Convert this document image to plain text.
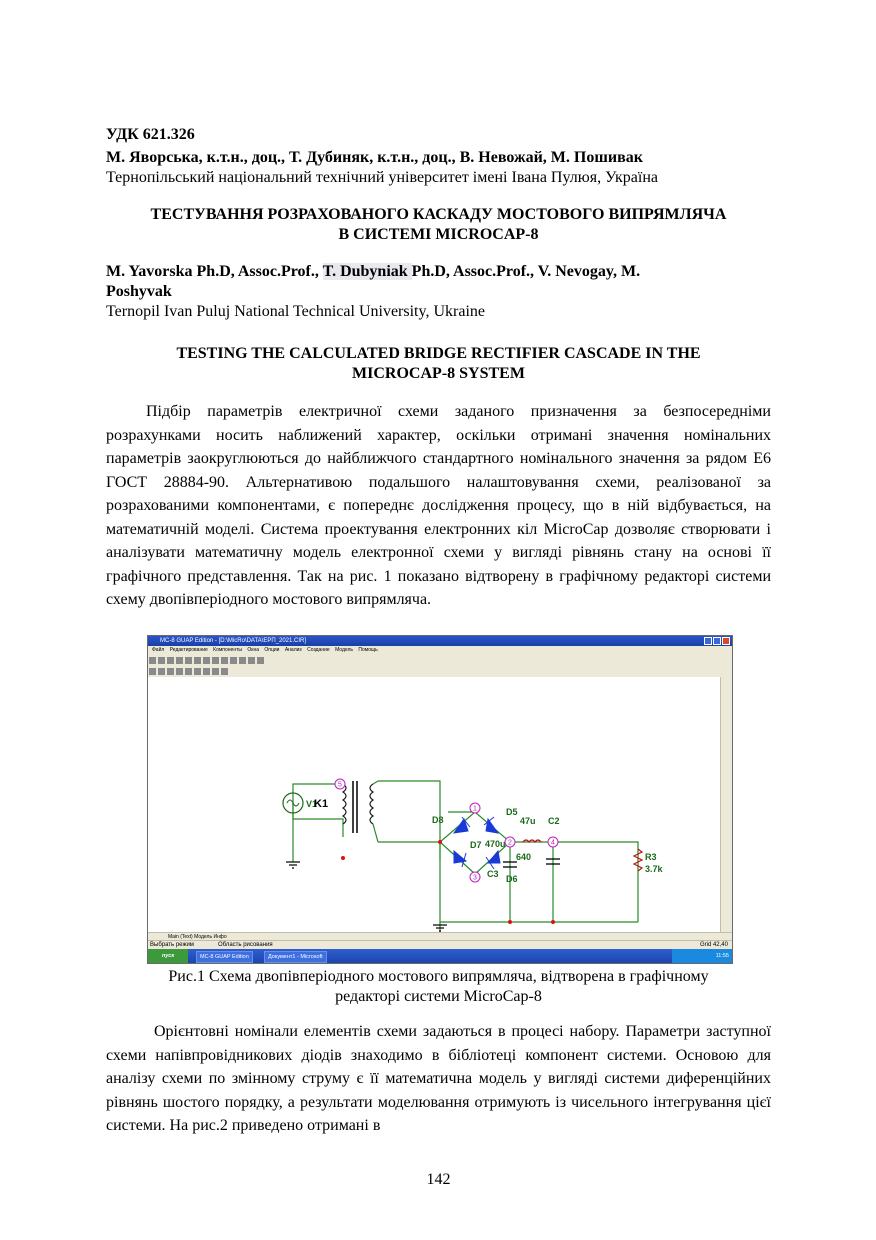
УДК 621.326
М. Яворська, к.т.н., доц., Т. Дубиняк, к.т.н., доц., В. Невожай, М. Пошивак
Тернопільський національний технічний університет імені Івана Пулюя, Україна
ТЕСТУВАННЯ РОЗРАХОВАНОГО КАСКАДУ МОСТОВОГО ВИПРЯМЛЯЧА
В СИСТЕМІ MICROCAP-8
M. Yavorska Ph.D, Assoc.Prof., T. Dubyniak Ph.D, Assoc.Prof., V. Nevogay, M.
Poshyvak
Ternopil Ivan Puluj National Technical University, Ukraine
TESTING THE CALCULATED BRIDGE RECTIFIER CASCADE IN THE
MICROCAP-8 SYSTEM

Підбір параметрів електричної схеми заданого призначення за безпосередніми розрахунками носить наближений характер, оскільки отримані значення номінальних параметрів заокруглюються до найближчого стандартного номінального значення за рядом E6 ГОСТ 28884-90. Альтернативою подальшого налаштовування схеми, реалізованої за розрахованими компонентами, є попереднє дослідження процесу, що в ній відбувається, на математичній моделі. Система проектування електронних кіл MicroCap дозволяє створювати і аналізувати математичну модель електронної схеми у вигляді рівнянь стану на основі її графічного представлення. Так на рис. 1 показано відтворену в графічному редакторі системи схему двопівперіодного мостового випрямляча.

MC-8 GUAP Edition - [D:\MicRo\DATA\ЕРП_2021.CIR]
Файл Редактирование Компоненты Окна Опции Анализ Создание Модель Помощь
5
1
2
3
4
V1
K1
D8
D5
D7
D6
C3
C2
R3
3.7k
47u
470u
640
Main (Text) Модель Инфо
Выбрать режим	Область рисования	Grid 42,40
пуск	MC-8 GUAP Edition	Документ1 - Microsoft	11:55
Рис.1 Схема двопівперіодного мостового випрямляча, відтворена в графічному
редакторі системи MicroCap-8

Орієнтовні номінали елементів схеми задаються в процесі набору. Параметри заступної схеми напівпровідникових діодів знаходимо в бібліотеці компонент системи. Основою для аналізу схеми по змінному струму є її математична модель у вигляді системи диференційних рівнянь шостого порядку, а результати моделювання отримують із чисельного інтегрування цієї системи. На рис.2 приведено отримані в

142
